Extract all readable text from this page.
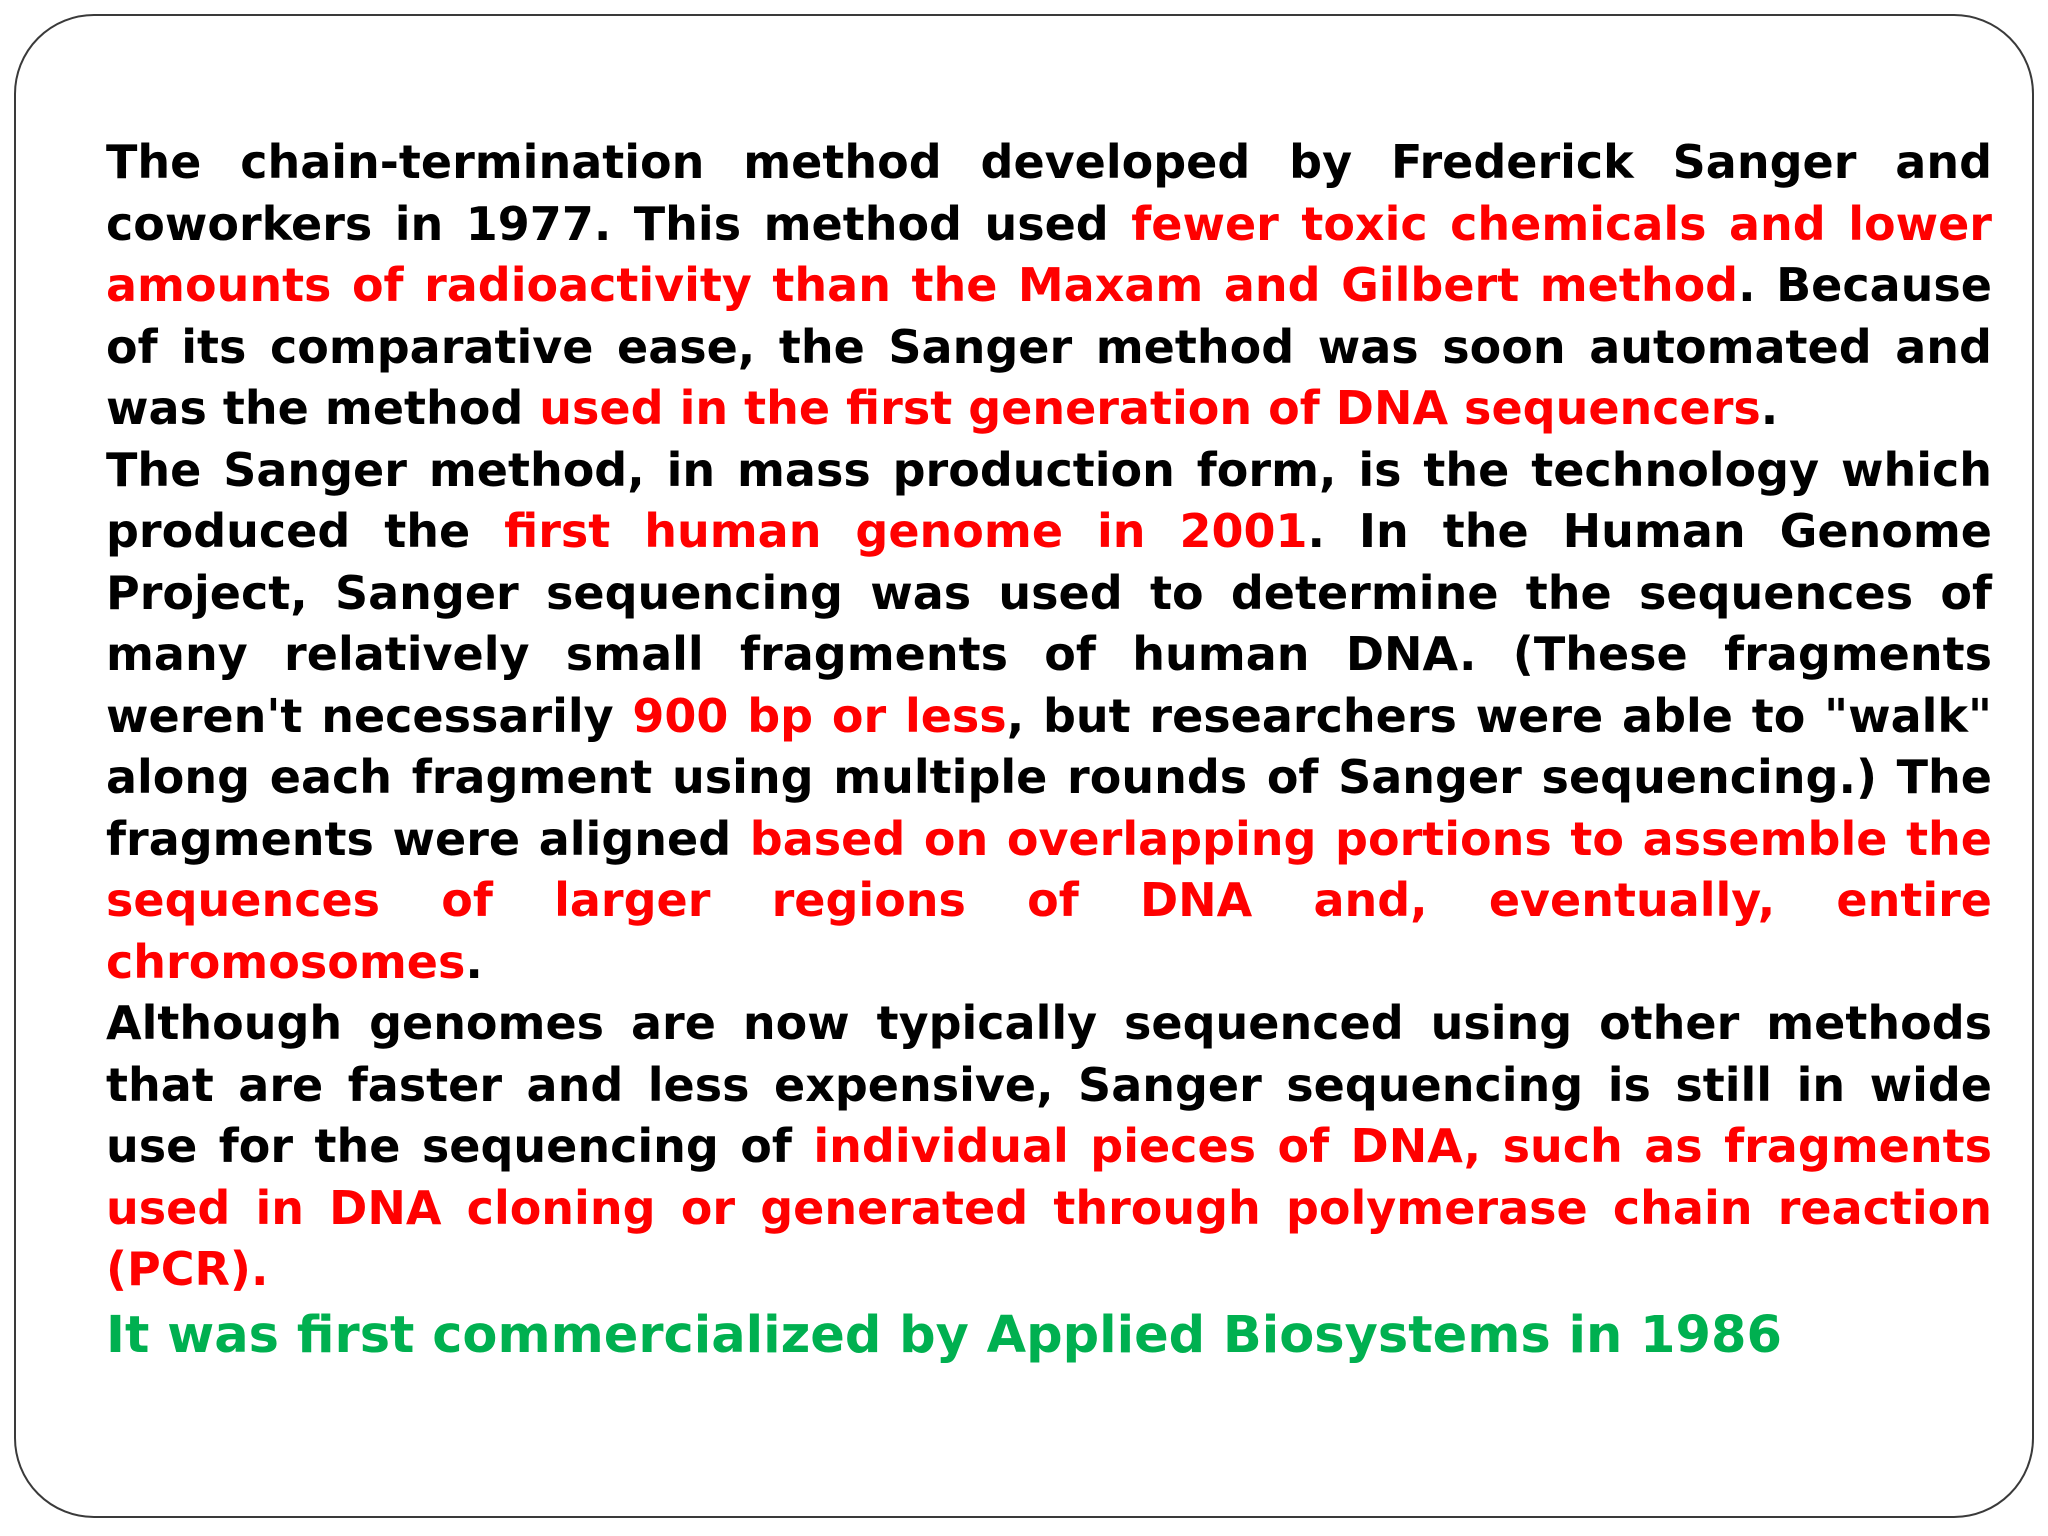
The chain-termination method developed by Frederick Sanger and coworkers in 1977. This method used fewer toxic chemicals and lower amounts of radioactivity than the Maxam and Gilbert method. Because of its comparative ease, the Sanger method was soon automated and was the method used in the first generation of DNA sequencers.

The Sanger method, in mass production form, is the technology which produced the first human genome in 2001. In the Human Genome Project, Sanger sequencing was used to determine the sequences of many relatively small fragments of human DNA. (These fragments weren't necessarily 900 bp or less, but researchers were able to "walk" along each fragment using multiple rounds of Sanger sequencing.) The fragments were aligned based on overlapping portions to assemble the sequences of larger regions of DNA and, eventually, entire chromosomes.

Although genomes are now typically sequenced using other methods that are faster and less expensive, Sanger sequencing is still in wide use for the sequencing of individual pieces of DNA, such as fragments used in DNA cloning or generated through polymerase chain reaction (PCR).

It was first commercialized by Applied Biosystems in 1986
